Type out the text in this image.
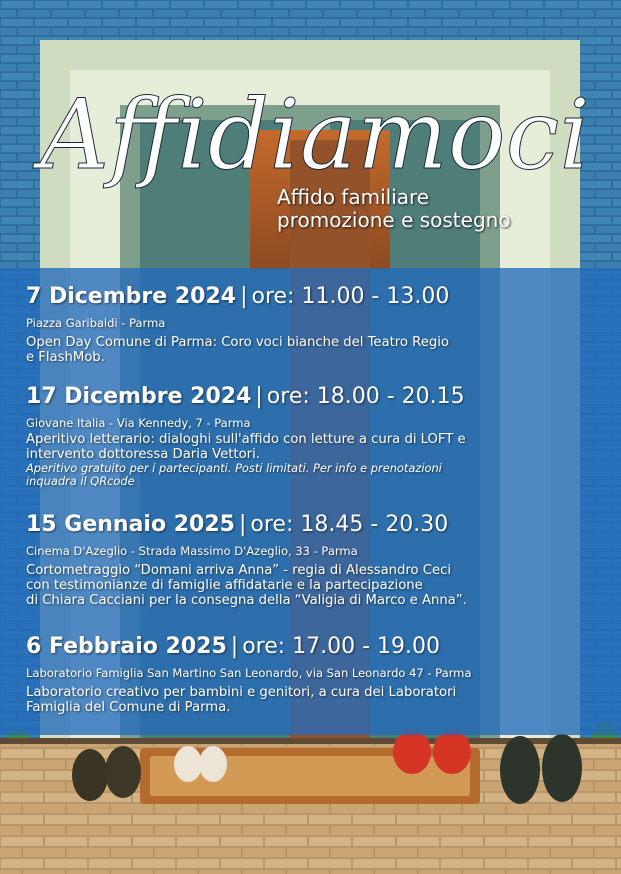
Affidiamoci
Affido familiare
promozione e sostegno
7 Dicembre 2024 | ore: 11.00 - 13.00
Piazza Garibaldi - Parma
Open Day Comune di Parma: Coro voci bianche del Teatro Regio
e FlashMob.
17 Dicembre 2024 | ore: 18.00 - 20.15
Giovane Italia - Via Kennedy, 7 - Parma
Aperitivo letterario: dialoghi sull'affido con letture a cura di LOFT e
intervento dottoressa Daria Vettori.
Aperitivo gratuito per i partecipanti. Posti limitati. Per info e prenotazioni
inquadra il QRcode
15 Gennaio 2025 | ore: 18.45 - 20.30
Cinema D'Azeglio - Strada Massimo D'Azeglio, 33 - Parma
Cortometraggio “Domani arriva Anna” - regia di Alessandro Ceci
con testimonianze di famiglie affidatarie e la partecipazione
di Chiara Cacciani per la consegna della “Valigia di Marco e Anna”.
6 Febbraio 2025 | ore: 17.00 - 19.00
Laboratorio Famiglia San Martino San Leonardo, via San Leonardo 47 - Parma
Laboratorio creativo per bambini e genitori, a cura dei Laboratori
Famiglia del Comune di Parma.
